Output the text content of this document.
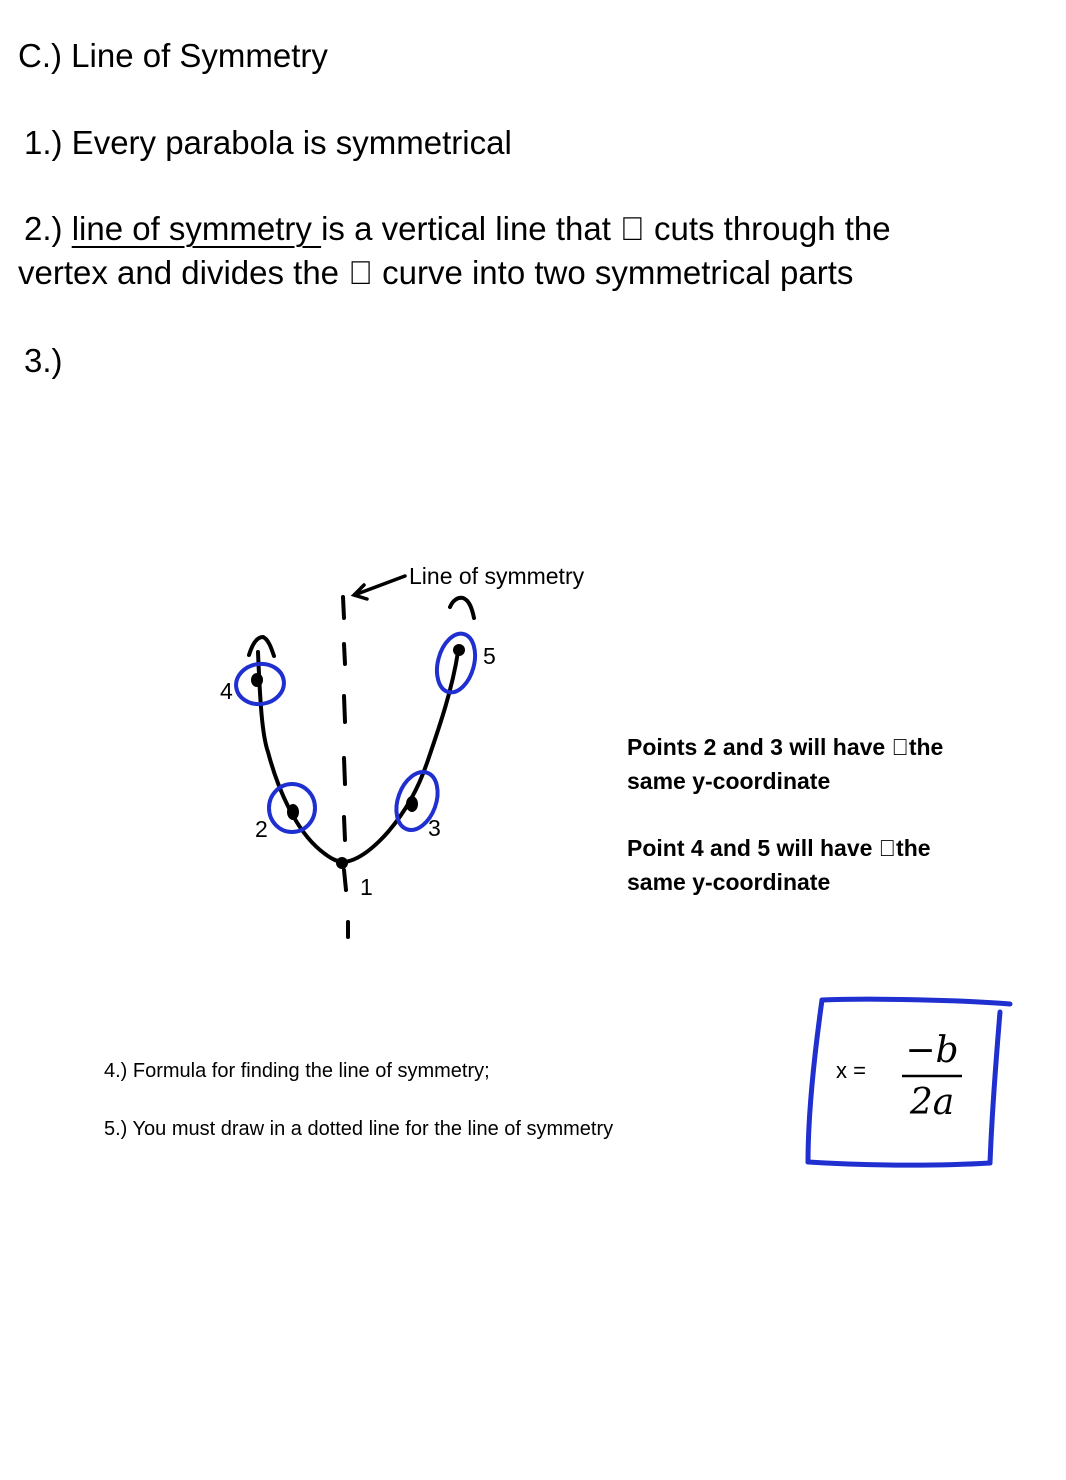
C.) Line of Symmetry
1.) Every parabola is symmetrical
2.) line of symmetry is a vertical line that   cuts through the
vertex and divides the   curve into two symmetrical parts
3.)
Line of symmetry
1
2	3
4
5
Points 2 and 3 will have  the
same y-coordinate
Point 4 and 5 will have  the
same y-coordinate
4.) Formula for finding the line of symmetry;
5.) You must draw in a dotted line for the line of symmetry
x = −b
2a
